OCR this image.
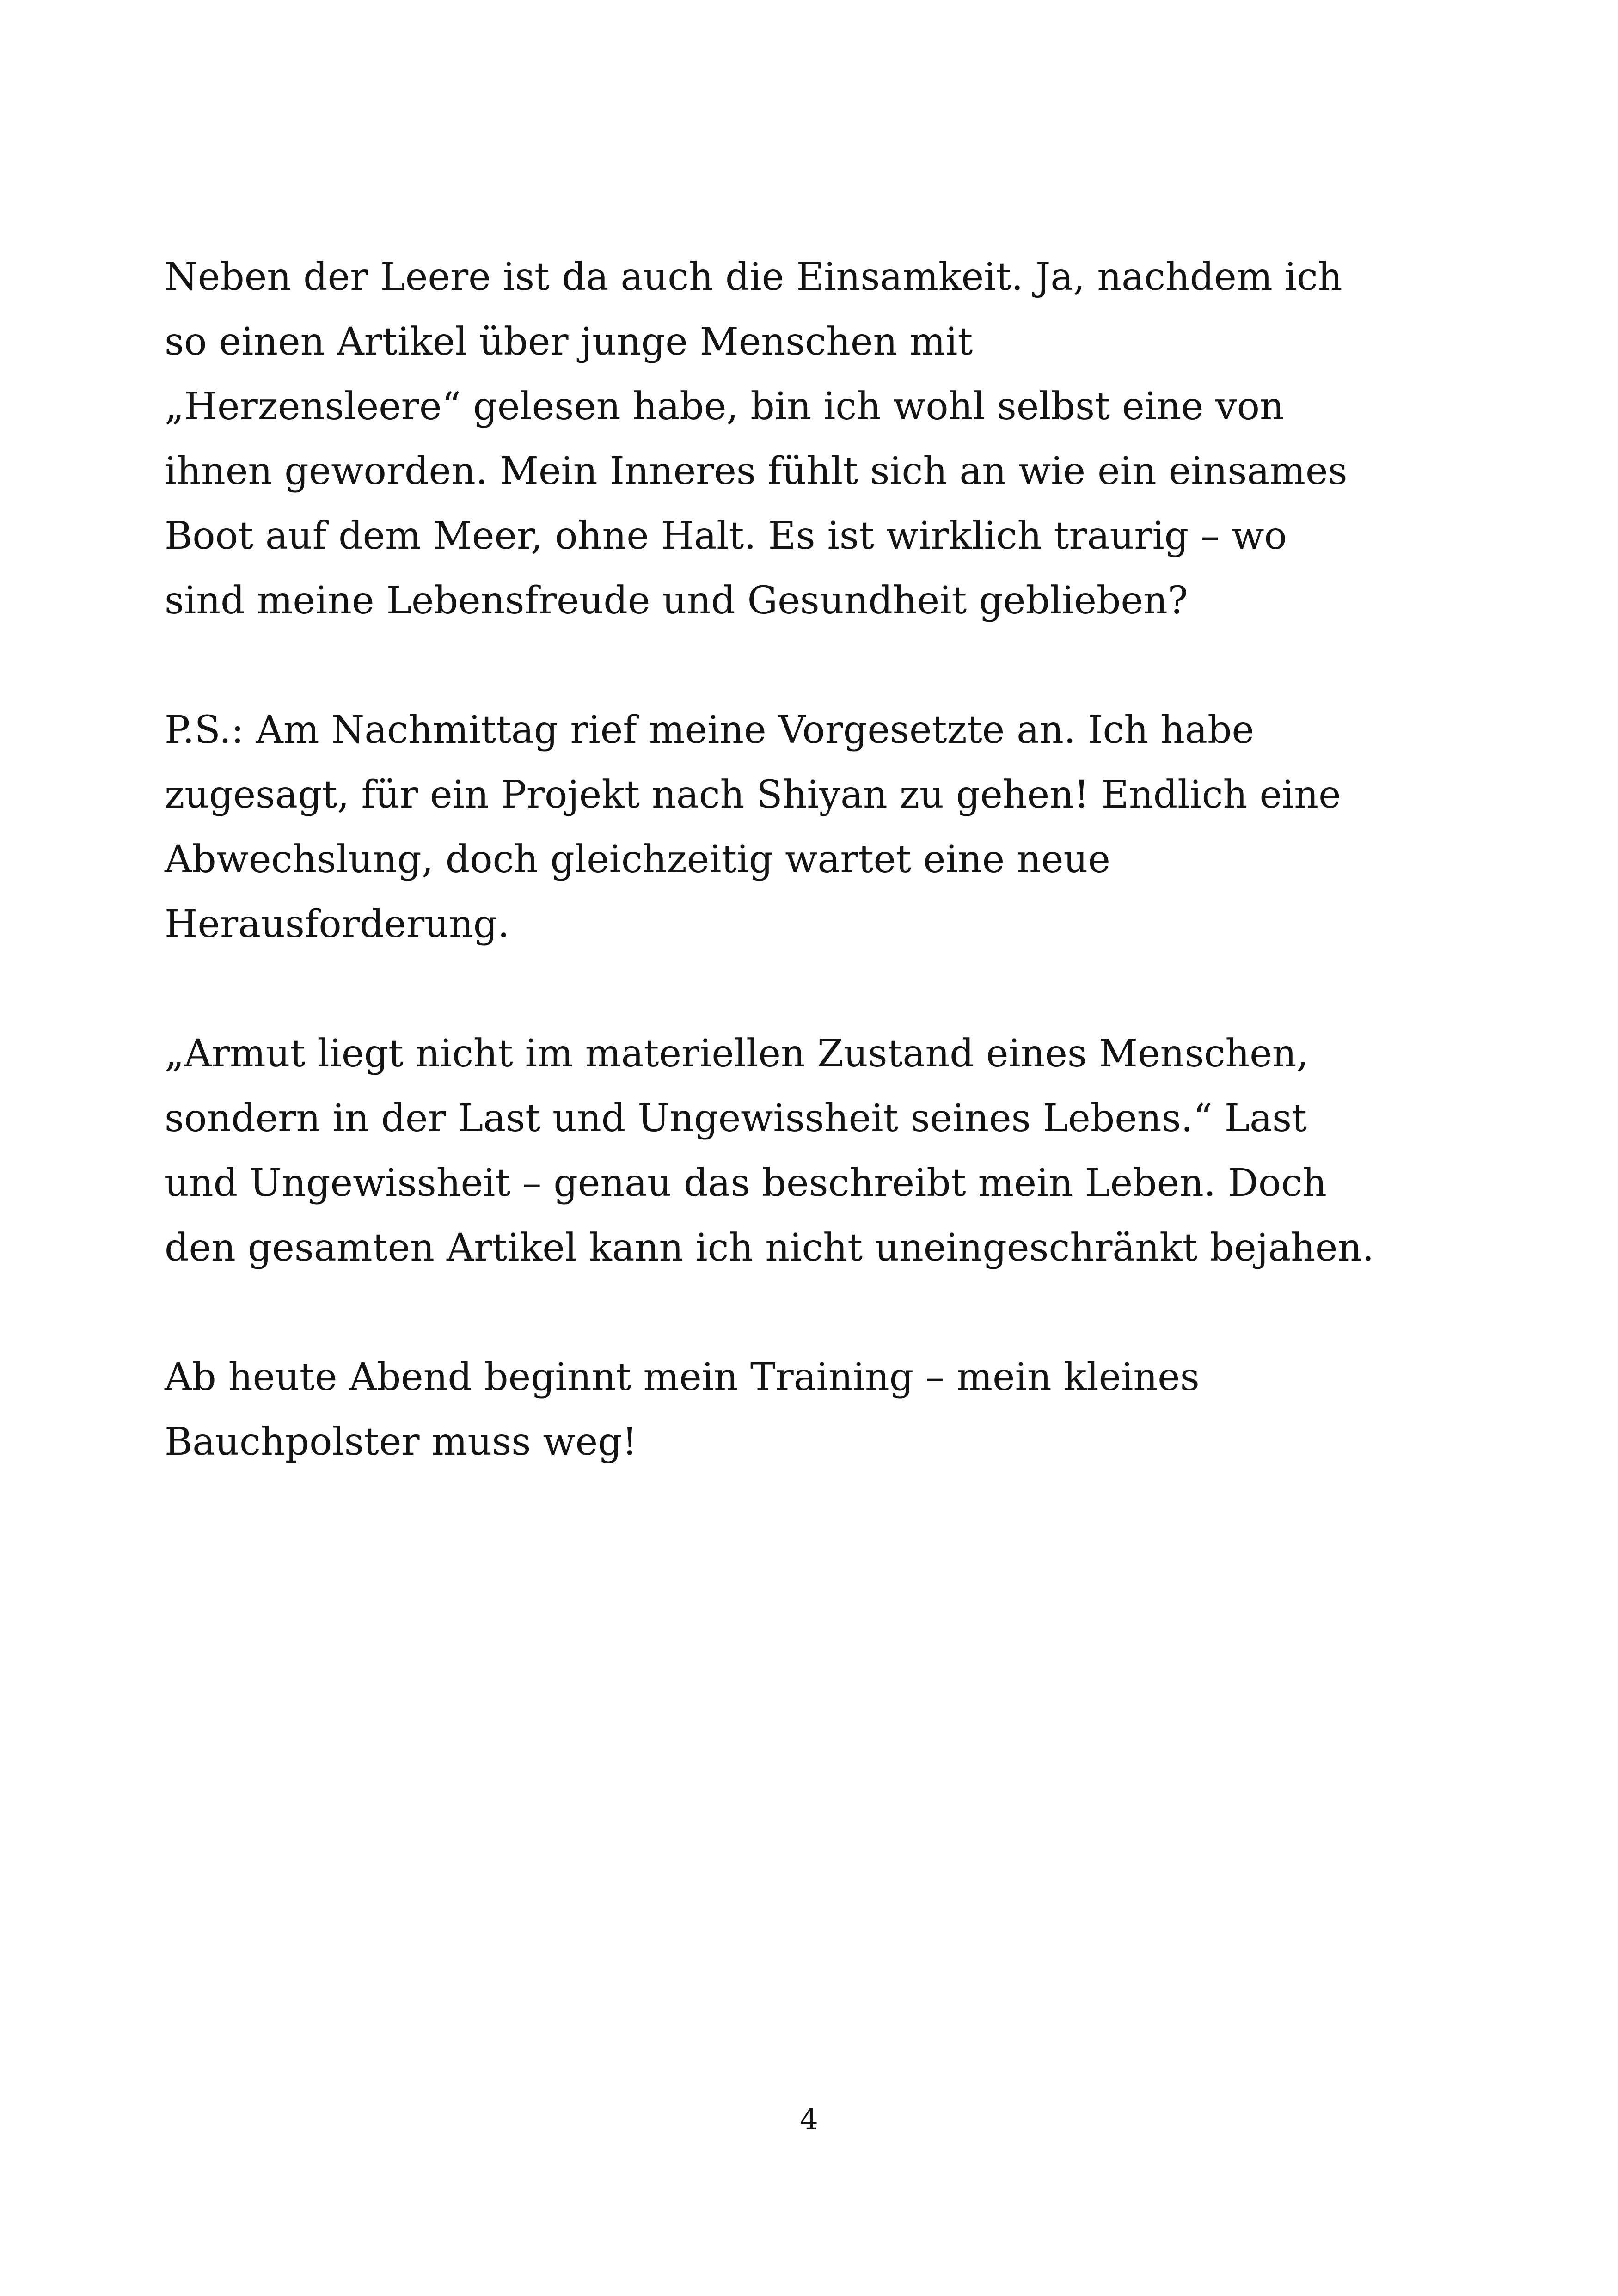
Neben der Leere ist da auch die Einsamkeit. Ja, nachdem ich
so einen Artikel über junge Menschen mit
„Herzensleere“ gelesen habe, bin ich wohl selbst eine von
ihnen geworden. Mein Inneres fühlt sich an wie ein einsames
Boot auf dem Meer, ohne Halt. Es ist wirklich traurig – wo
sind meine Lebensfreude und Gesundheit geblieben?
P.S.: Am Nachmittag rief meine Vorgesetzte an. Ich habe
zugesagt, für ein Projekt nach Shiyan zu gehen! Endlich eine
Abwechslung, doch gleichzeitig wartet eine neue
Herausforderung.
„Armut liegt nicht im materiellen Zustand eines Menschen,
sondern in der Last und Ungewissheit seines Lebens.“ Last
und Ungewissheit – genau das beschreibt mein Leben. Doch
den gesamten Artikel kann ich nicht uneingeschränkt bejahen.
Ab heute Abend beginnt mein Training – mein kleines
Bauchpolster muss weg!
4
